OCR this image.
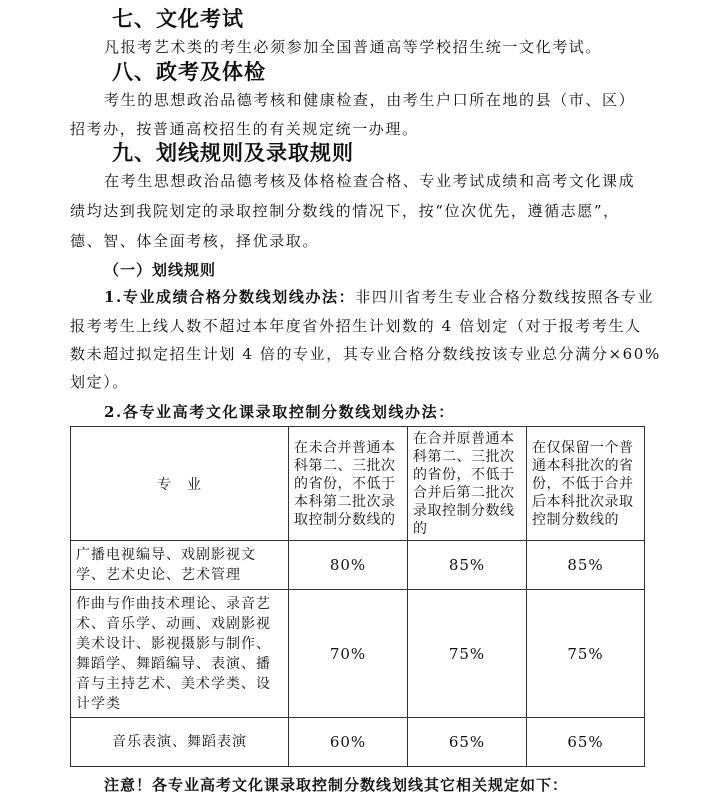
七、文化考试
凡报考艺术类的考生必须参加全国普通高等学校招生统一文化考试。
八、政考及体检
考生的思想政治品德考核和健康检查，由考生户口所在地的县（市、区）
招考办，按普通高校招生的有关规定统一办理。
九、划线规则及录取规则
在考生思想政治品德考核及体格检查合格、专业考试成绩和高考文化课成
绩均达到我院划定的录取控制分数线的情况下，按“位次优先，遵循志愿”，
德、智、体全面考核，择优录取。
（一）划线规则
1.专业成绩合格分数线划线办法：非四川省考生专业合格分数线按照各专业
报考考生上线人数不超过本年度省外招生计划数的 4 倍划定（对于报考考生人
数未超过拟定招生计划 4 倍的专业，其专业合格分数线按该专业总分满分×60%
划定）。
2.各专业高考文化课录取控制分数线划线办法：
专　业	在未合并普通本科第二、三批次的省份，不低于本科第二批次录取控制分数线的	在合并原普通本科第二、三批次的省份，不低于合并后第二批次录取控制分数线的	在仅保留一个普通本科批次的省份，不低于合并后本科批次录取控制分数线的
广播电视编导、戏剧影视文学、艺术史论、艺术管理	80%	85%	85%
作曲与作曲技术理论、录音艺术、音乐学、动画、戏剧影视美术设计、影视摄影与制作、舞蹈学、舞蹈编导、表演、播音与主持艺术、美术学类、设计学类	70%	75%	75%
音乐表演、舞蹈表演	60%	65%	65%
注意！各专业高考文化课录取控制分数线划线其它相关规定如下：
